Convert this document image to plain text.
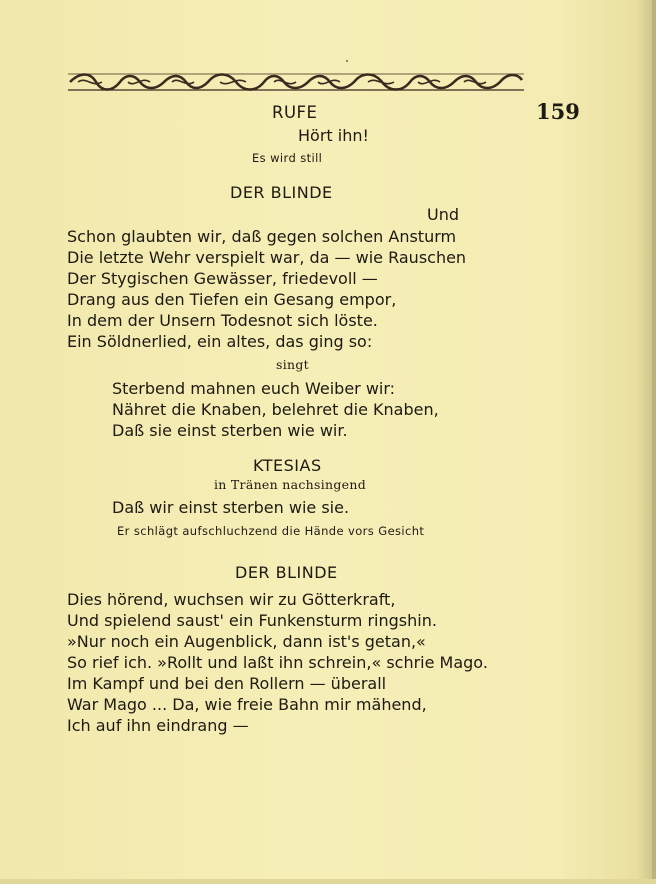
RUFE	159
Hört ihn!
Es wird still
DER BLINDE
Und
Schon glaubten wir, daß gegen solchen Ansturm
Die letzte Wehr verspielt war, da — wie Rauschen
Der Stygischen Gewässer, friedevoll —
Drang aus den Tiefen ein Gesang empor,
In dem der Unsern Todesnot sich löste.
Ein Söldnerlied, ein altes, das ging so:
singt
Sterbend mahnen euch Weiber wir:
Nähret die Knaben, belehret die Knaben,
Daß sie einst sterben wie wir.
KTESIAS
in Tränen nachsingend
Daß wir einst sterben wie sie.
Er schlägt aufschluchzend die Hände vors Gesicht
DER BLINDE
Dies hörend, wuchsen wir zu Götterkraft,
Und spielend saust' ein Funkensturm ringshin.
»Nur noch ein Augenblick, dann ist's getan,«
So rief ich. »Rollt und laßt ihn schrein,« schrie Mago.
Im Kampf und bei den Rollern — überall
War Mago ... Da, wie freie Bahn mir mähend,
Ich auf ihn eindrang —
